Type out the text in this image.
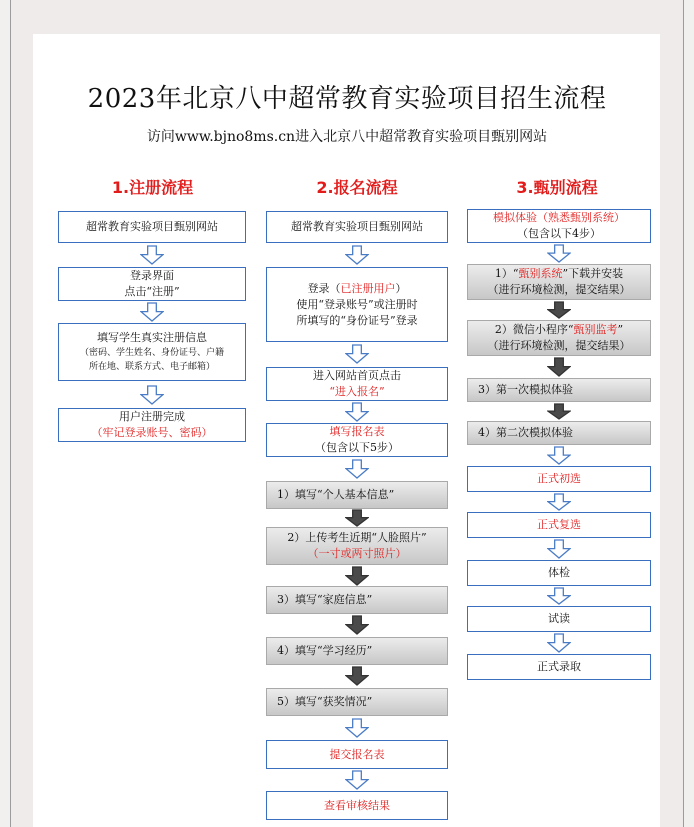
2023年北京八中超常教育实验项目招生流程

访问www.bjno8ms.cn进入北京八中超常教育实验项目甄别网站

1.注册流程	2.报名流程	3.甄别流程
超常教育实验项目甄别网站
登录界面
点击“注册”
填写学生真实注册信息
（密码、学生姓名、身份证号、户籍
所在地、联系方式、电子邮箱）
用户注册完成
（牢记登录账号、密码）
超常教育实验项目甄别网站
登录（已注册用户）
使用“登录账号”或注册时
所填写的“身份证号”登录
进入网站首页点击
“进入报名”
填写报名表
（包含以下5步）
1）填写“个人基本信息”
2）上传考生近期“人脸照片”
（一寸或两寸照片）
3）填写“家庭信息”
4）填写“学习经历”
5）填写“获奖情况”
提交报名表
查看审核结果
模拟体验（熟悉甄别系统）
（包含以下4步）
1）“甄别系统”下载并安装
（进行环境检测，提交结果）
2）微信小程序“甄别监考”
（进行环境检测，提交结果）
3）第一次模拟体验
4）第二次模拟体验
正式初选
正式复选
体检
试读
正式录取
